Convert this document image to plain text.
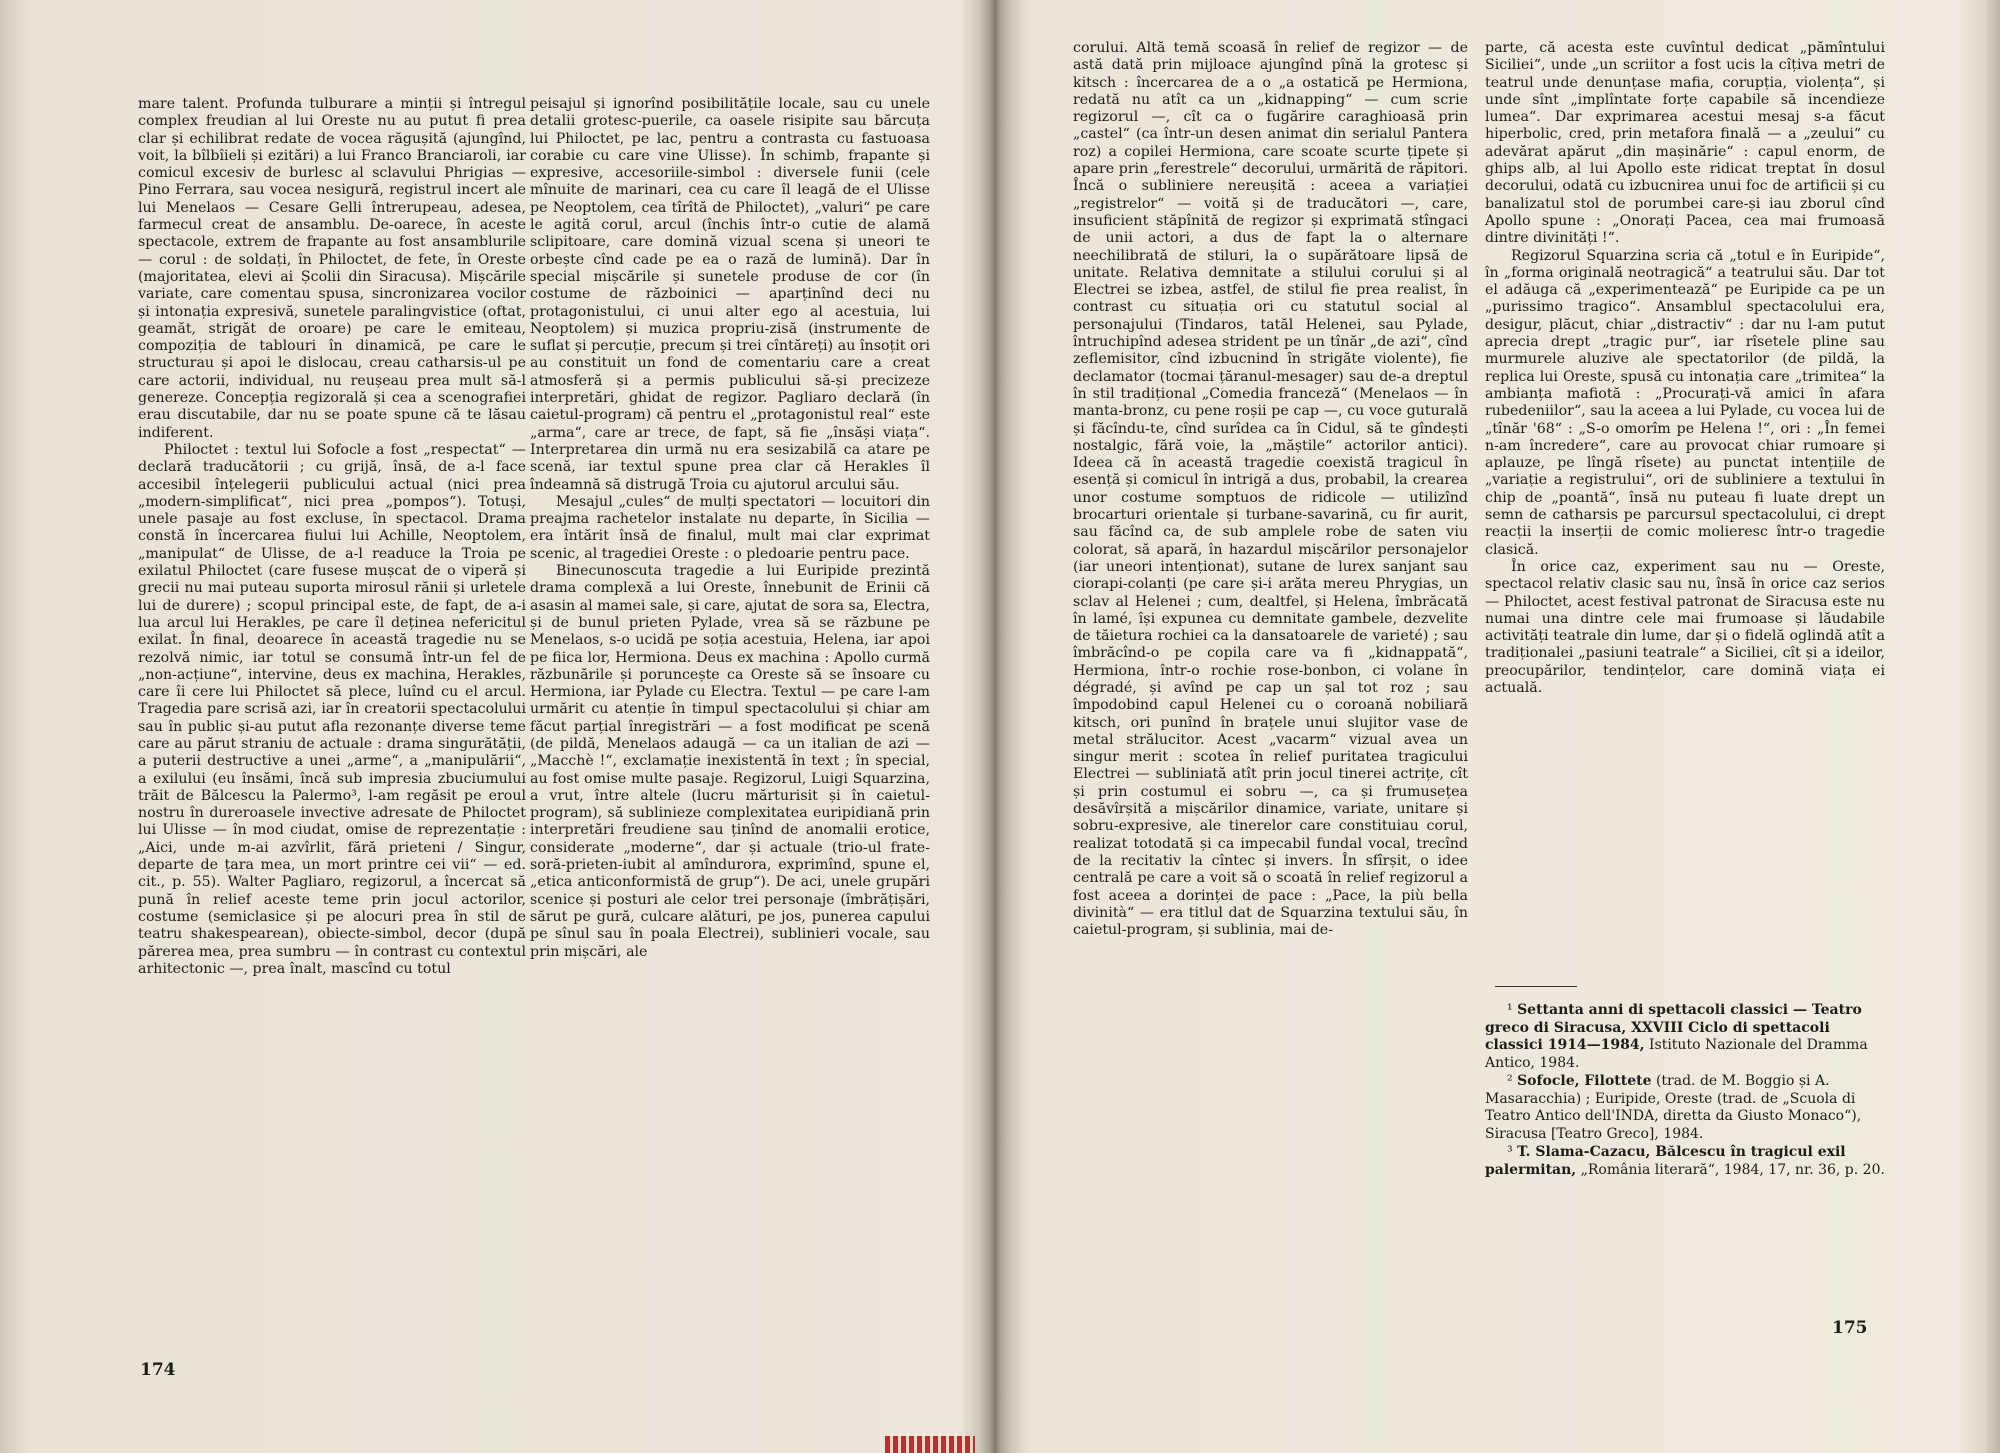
mare talent. Profunda tulburare a minții și întregul complex freudian al lui Oreste nu au putut fi prea clar și echilibrat redate de vocea răgușită (ajungînd, voit, la bîlbîieli și ezitări) a lui Franco Branciaroli, iar comicul excesiv de burlesc al sclavului Phrigias — Pino Ferrara, sau vocea nesigură, registrul incert ale lui Menelaos — Cesare Gelli întrerupeau, adesea, farmecul creat de ansamblu. De-oarece, în aceste spectacole, extrem de frapante au fost ansamblurile — corul : de soldați, în Philoctet, de fete, în Oreste (majoritatea, elevi ai Școlii din Siracusa). Mișcările variate, care comentau spusa, sincronizarea vocilor și intonația expresivă, sunetele paralingvistice (oftat, geamăt, strigăt de oroare) pe care le emiteau, compoziția de tablouri în dinamică, pe care le structurau și apoi le dislocau, creau catharsis-ul pe care actorii, individual, nu reușeau prea mult să-l genereze. Concepția regizorală și cea a scenografiei erau discutabile, dar nu se poate spune că te lăsau indiferent.

Philoctet : textul lui Sofocle a fost „respectat“ — declară traducătorii ; cu grijă, însă, de a-l face accesibil înțelegerii publicului actual (nici prea „modern-simplificat“, nici prea „pompos“). Totuși, unele pasaje au fost excluse, în spectacol. Drama constă în încercarea fiului lui Achille, Neoptolem, „manipulat“ de Ulisse, de a-l readuce la Troia pe exilatul Philoctet (care fusese mușcat de o viperă și grecii nu mai puteau suporta mirosul rănii și urletele lui de durere) ; scopul principal este, de fapt, de a-i lua arcul lui Herakles, pe care îl deținea nefericitul exilat. În final, deoarece în această tragedie nu se rezolvă nimic, iar totul se consumă într-un fel de „non-acțiune“, intervine, deus ex machina, Herakles, care îi cere lui Philoctet să plece, luînd cu el arcul. Tragedia pare scrisă azi, iar în creatorii spectacolului sau în public și-au putut afla rezonanțe diverse teme care au părut straniu de actuale : drama singurătății, a puterii destructive a unei „arme“, a „manipulării“, a exilului (eu însămi, încă sub impresia zbuciumului trăit de Bălcescu la Palermo³, l-am regăsit pe eroul nostru în dureroasele invective adresate de Philoctet lui Ulisse — în mod ciudat, omise de reprezentație : „Aici, unde m-ai azvîrlit, fără prieteni / Singur, departe de țara mea, un mort printre cei vii“ — ed. cit., p. 55). Walter Pagliaro, regizorul, a încercat să pună în relief aceste teme prin jocul actorilor, costume (semiclasice și pe alocuri prea în stil de teatru shakespearean), obiecte-simbol, decor (după părerea mea, prea sumbru — în contrast cu contextul arhitectonic —, prea înalt, mascînd cu totul

peisajul și ignorînd posibilitățile locale, sau cu unele detalii grotesc-puerile, ca oasele risipite sau bărcuța lui Philoctet, pe lac, pentru a contrasta cu fastuoasa corabie cu care vine Ulisse). În schimb, frapante și expresive, accesoriile-simbol : diversele funii (cele mînuite de marinari, cea cu care îl leagă de el Ulisse pe Neoptolem, cea tîrîtă de Philoctet), „valuri“ pe care le agită corul, arcul (închis într-o cutie de alamă sclipitoare, care domină vizual scena și uneori te orbește cînd cade pe ea o rază de lumină). Dar în special mișcările și sunetele produse de cor (în costume de războinici — aparținînd deci nu protagonistului, ci unui alter ego al acestuia, lui Neoptolem) și muzica propriu-zisă (instrumente de suflat și percuție, precum și trei cîntăreți) au însoțit ori au constituit un fond de comentariu care a creat atmosferă și a permis publicului să-și precizeze interpretări, ghidat de regizor. Pagliaro declară (în caietul-program) că pentru el „protagonistul real“ este „arma“, care ar trece, de fapt, să fie „însăși viața“. Interpretarea din urmă nu era sesizabilă ca atare pe scenă, iar textul spune prea clar că Herakles îl îndeamnă să distrugă Troia cu ajutorul arcului său.

Mesajul „cules“ de mulți spectatori — locuitori din preajma rachetelor instalate nu departe, în Sicilia — era întărit însă de finalul, mult mai clar exprimat scenic, al tragediei Oreste : o pledoarie pentru pace.

Binecunoscuta tragedie a lui Euripide prezintă drama complexă a lui Oreste, înnebunit de Erinii că asasin al mamei sale, și care, ajutat de sora sa, Electra, și de bunul prieten Pylade, vrea să se răzbune pe Menelaos, s-o ucidă pe soția acestuia, Helena, iar apoi pe fiica lor, Hermiona. Deus ex machina : Apollo curmă răzbunările și poruncește ca Oreste să se însoare cu Hermiona, iar Pylade cu Electra. Textul — pe care l-am urmărit cu atenție în timpul spectacolului și chiar am făcut parțial înregistrări — a fost modificat pe scenă (de pildă, Menelaos adaugă — ca un italian de azi — „Macchè !“, exclamație inexistentă în text ; în special, au fost omise multe pasaje. Regizorul, Luigi Squarzina, a vrut, între altele (lucru mărturisit și în caietul-program), să sublinieze complexitatea euripidiană prin interpretări freudiene sau ținînd de anomalii erotice, considerate „moderne“, dar și actuale (trio-ul frate-soră-prieten-iubit al amîndurora, exprimînd, spune el, „etica anticonformistă de grup“). De aci, unele grupări scenice și posturi ale celor trei personaje (îmbrățișări, sărut pe gură, culcare alături, pe jos, punerea capului pe sînul sau în poala Electrei), sublinieri vocale, sau prin mișcări, ale

174

corului. Altă temă scoasă în relief de regizor — de astă dată prin mijloace ajungînd pînă la grotesc și kitsch : încercarea de a o „a ostatică pe Hermiona, redată nu atît ca un „kidnapping“ — cum scrie regizorul —, cît ca o fugărire caraghioasă prin „castel“ (ca într-un desen animat din serialul Pantera roz) a copilei Hermiona, care scoate scurte țipete și apare prin „ferestrele“ decorului, urmărită de răpitori. Încă o subliniere nereușită : aceea a variației „registrelor“ — voită și de traducători —, care, insuficient stăpînită de regizor și exprimată stîngaci de unii actori, a dus de fapt la o alternare neechilibrată de stiluri, la o supărătoare lipsă de unitate. Relativa demnitate a stilului corului și al Electrei se izbea, astfel, de stilul fie prea realist, în contrast cu situația ori cu statutul social al personajului (Tindaros, tatăl Helenei, sau Pylade, întruchipînd adesea strident pe un tînăr „de azi“, cînd zeflemisitor, cînd izbucnind în strigăte violente), fie declamator (tocmai țăranul-mesager) sau de-a dreptul în stil tradițional „Comedia franceză“ (Menelaos — în manta-bronz, cu pene roșii pe cap —, cu voce guturală și făcîndu-te, cînd surîdea ca în Cidul, să te gîndești nostalgic, fără voie, la „măștile“ actorilor antici). Ideea că în această tragedie coexistă tragicul în esență și comicul în intrigă a dus, probabil, la crearea unor costume somptuos de ridicole — utilizînd brocarturi orientale și turbane-savarină, cu fir aurit, sau făcînd ca, de sub amplele robe de saten viu colorat, să apară, în hazardul mișcărilor personajelor (iar uneori intenționat), sutane de lurex sanjant sau ciorapi-colanți (pe care și-i arăta mereu Phrygias, un sclav al Helenei ; cum, dealtfel, și Helena, îmbrăcată în lamé, își expunea cu demnitate gambele, dezvelite de tăietura rochiei ca la dansatoarele de varieté) ; sau îmbrăcînd-o pe copila care va fi „kidnappată“, Hermiona, într-o rochie rose-bonbon, ci volane în dégradé, și avînd pe cap un șal tot roz ; sau împodobind capul Helenei cu o coroană nobiliară kitsch, ori punînd în brațele unui slujitor vase de metal strălucitor. Acest „vacarm“ vizual avea un singur merit : scotea în relief puritatea tragicului Electrei — subliniată atît prin jocul tinerei actrițe, cît și prin costumul ei sobru —, ca și frumusețea desăvîrșită a mișcărilor dinamice, variate, unitare și sobru-expresive, ale tinerelor care constituiau corul, realizat totodată și ca impecabil fundal vocal, trecînd de la recitativ la cîntec și invers. În sfîrșit, o idee centrală pe care a voit să o scoată în relief regizorul a fost aceea a dorinței de pace : „Pace, la più bella divinità“ — era titlul dat de Squarzina textului său, în caietul-program, și sublinia, mai de-

parte, că acesta este cuvîntul dedicat „pămîntului Siciliei“, unde „un scriitor a fost ucis la cîțiva metri de teatrul unde denunțase mafia, corupția, violența“, și unde sînt „implîntate forțe capabile să incendieze lumea“. Dar exprimarea acestui mesaj s-a făcut hiperbolic, cred, prin metafora finală — a „zeului“ cu adevărat apărut „din mașinărie“ : capul enorm, de ghips alb, al lui Apollo este ridicat treptat în dosul decorului, odată cu izbucnirea unui foc de artificii și cu banalizatul stol de porumbei care-și iau zborul cînd Apollo spune : „Onorați Pacea, cea mai frumoasă dintre divinități !“.

Regizorul Squarzina scria că „totul e în Euripide“, în „forma originală neotragică“ a teatrului său. Dar tot el adăuga că „experimentează“ pe Euripide ca pe un „purissimo tragico“. Ansamblul spectacolului era, desigur, plăcut, chiar „distractiv“ : dar nu l-am putut aprecia drept „tragic pur“, iar rîsetele pline sau murmurele aluzive ale spectatorilor (de pildă, la replica lui Oreste, spusă cu intonația care „trimitea“ la ambianța mafiotă : „Procurați-vă amici în afara rubedeniilor“, sau la aceea a lui Pylade, cu vocea lui de „tînăr '68“ : „S-o omorîm pe Helena !“, ori : „În femei n-am încredere“, care au provocat chiar rumoare și aplauze, pe lîngă rîsete) au punctat intențiile de „variație a registrului“, ori de subliniere a textului în chip de „poantă“, însă nu puteau fi luate drept un semn de catharsis pe parcursul spectacolului, ci drept reacții la inserții de comic molieresc într-o tragedie clasică.

În orice caz, experiment sau nu — Oreste, spectacol relativ clasic sau nu, însă în orice caz serios — Philoctet, acest festival patronat de Siracusa este nu numai una dintre cele mai frumoase și lăudabile activități teatrale din lume, dar și o fidelă oglindă atît a tradiționalei „pasiuni teatrale“ a Siciliei, cît și a ideilor, preocupărilor, tendințelor, care domină viața ei actuală.

¹ Settanta anni di spettacoli classici — Teatro greco di Siracusa, XXVIII Ciclo di spettacoli classici 1914—1984, Istituto Nazionale del Dramma Antico, 1984.

² Sofocle, Filottete (trad. de M. Boggio și A. Masaracchia) ; Euripide, Oreste (trad. de „Scuola di Teatro Antico dell'INDA, diretta da Giusto Monaco“), Siracusa [Teatro Greco], 1984.

³ T. Slama-Cazacu, Bălcescu în tragicul exil palermitan, „România literară“, 1984, 17, nr. 36, p. 20.

175
